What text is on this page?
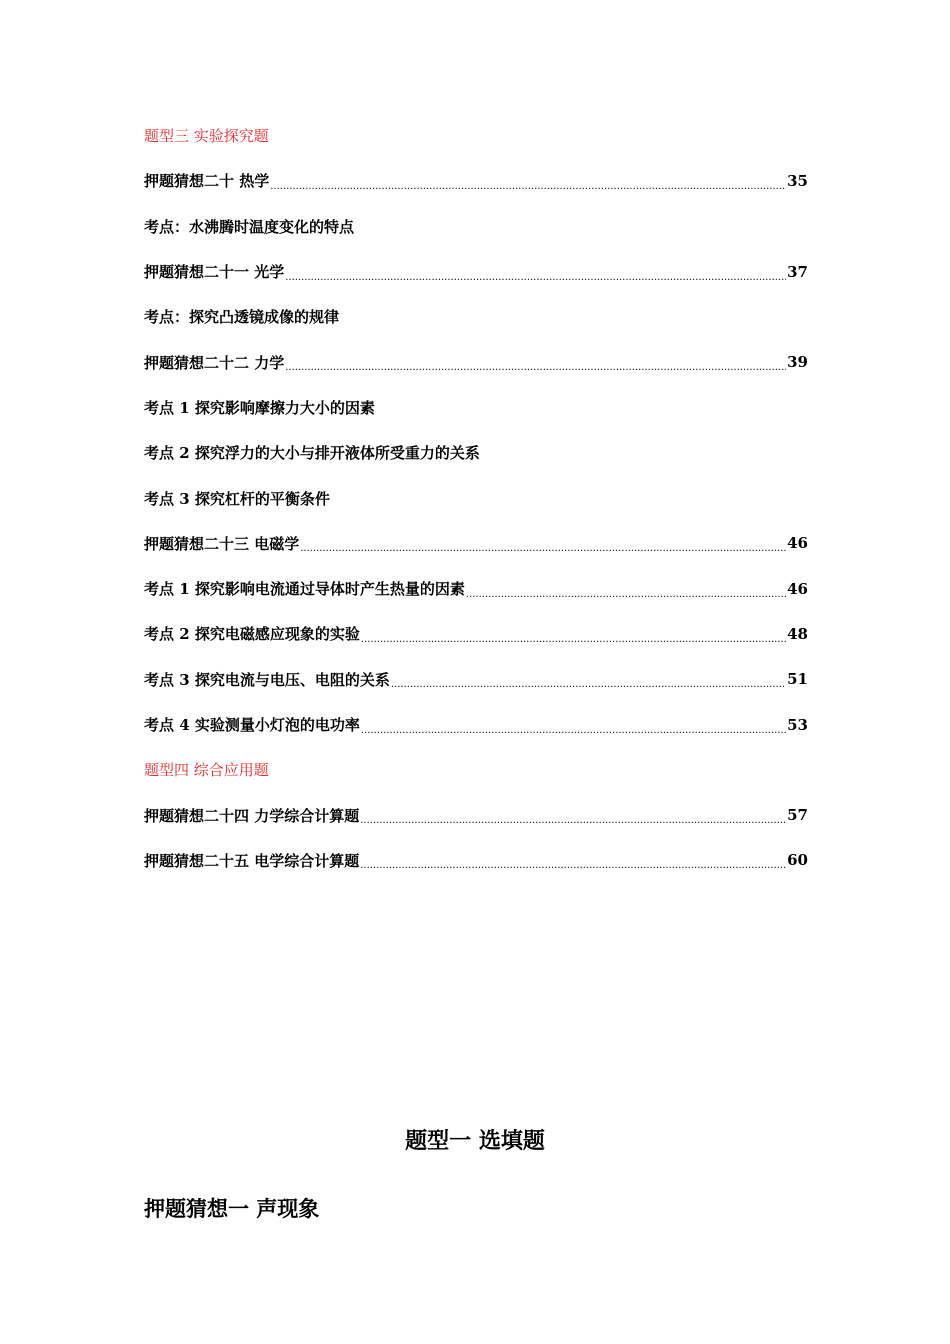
题型三 实验探究题
押题猜想二十 热学 .....	35
考点：水沸腾时温度变化的特点
押题猜想二十一 光学 .....	37
考点：探究凸透镜成像的规律
押题猜想二十二 力学 .....	39
考点 1 探究影响摩擦力大小的因素
考点 2 探究浮力的大小与排开液体所受重力的关系
考点 3 探究杠杆的平衡条件
押题猜想二十三 电磁学 .....	46
考点 1 探究影响电流通过导体时产生热量的因素 .....	46
考点 2 探究电磁感应现象的实验 .....	48
考点 3 探究电流与电压、电阻的关系 .....	51
考点 4 实验测量小灯泡的电功率 .....	53
题型四 综合应用题
押题猜想二十四 力学综合计算题 .....	57
押题猜想二十五 电学综合计算题 .....	60
题型一 选填题
押题猜想一 声现象
